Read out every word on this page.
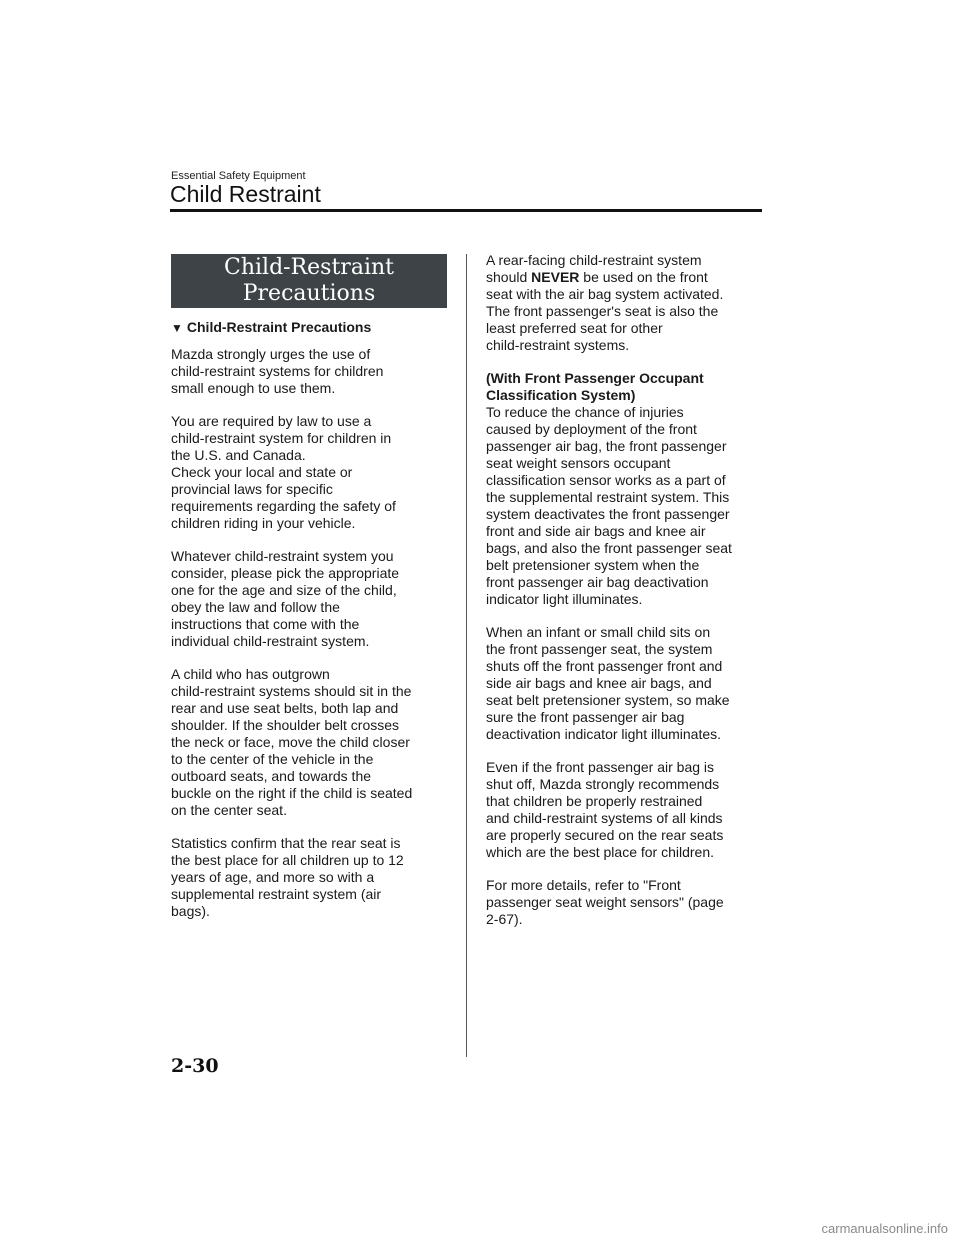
Essential Safety Equipment
Child Restraint
Child-Restraint
Precautions
▼ Child-Restraint Precautions

Mazda strongly urges the use of
child-restraint systems for children
small enough to use them.

You are required by law to use a
child-restraint system for children in
the U.S. and Canada.
Check your local and state or
provincial laws for specific
requirements regarding the safety of
children riding in your vehicle.

Whatever child-restraint system you
consider, please pick the appropriate
one for the age and size of the child,
obey the law and follow the
instructions that come with the
individual child-restraint system.

A child who has outgrown
child-restraint systems should sit in the
rear and use seat belts, both lap and
shoulder. If the shoulder belt crosses
the neck or face, move the child closer
to the center of the vehicle in the
outboard seats, and towards the
buckle on the right if the child is seated
on the center seat.

Statistics confirm that the rear seat is
the best place for all children up to 12
years of age, and more so with a
supplemental restraint system (air
bags).

A rear-facing child-restraint system
should NEVER be used on the front
seat with the air bag system activated.
The front passenger's seat is also the
least preferred seat for other
child-restraint systems.

(With Front Passenger Occupant
Classification System)
To reduce the chance of injuries
caused by deployment of the front
passenger air bag, the front passenger
seat weight sensors occupant
classification sensor works as a part of
the supplemental restraint system. This
system deactivates the front passenger
front and side air bags and knee air
bags, and also the front passenger seat
belt pretensioner system when the
front passenger air bag deactivation
indicator light illuminates.

When an infant or small child sits on
the front passenger seat, the system
shuts off the front passenger front and
side air bags and knee air bags, and
seat belt pretensioner system, so make
sure the front passenger air bag
deactivation indicator light illuminates.

Even if the front passenger air bag is
shut off, Mazda strongly recommends
that children be properly restrained
and child-restraint systems of all kinds
are properly secured on the rear seats
which are the best place for children.

For more details, refer to "Front
passenger seat weight sensors" (page
2-67).

2-30
carmanualsonline.info
